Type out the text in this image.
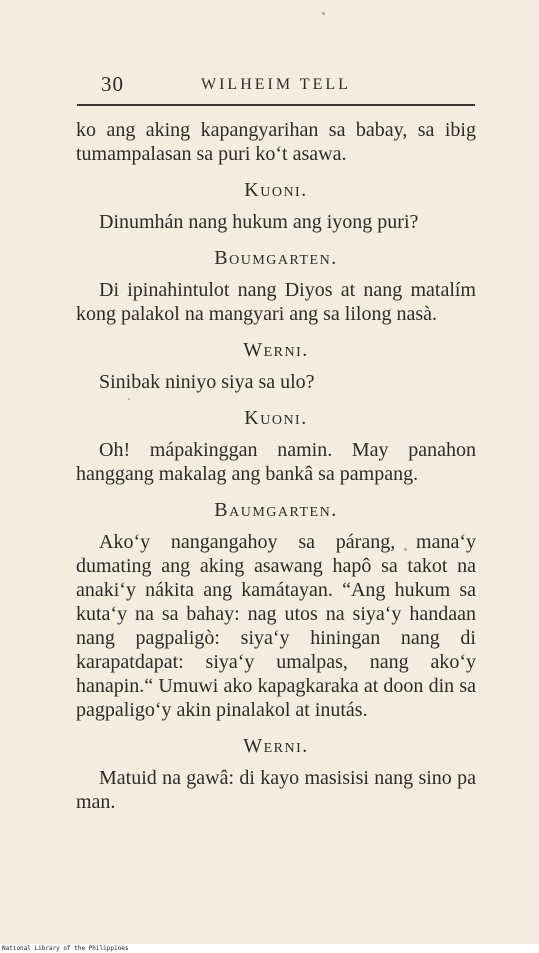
30	WILHEIM TELL

ko ang aking kapangyarihan sa babay, sa ibig tumampalasan sa puri ko‘t asawa.

Kuoni.

Dinumhán nang hukum ang iyong puri?

Boumgarten.

Di ipinahintulot nang Diyos at nang matalím kong palakol na mangyari ang sa lilong nasà.

Werni.

Sinibak niniyo siya sa ulo?

Kuoni.

Oh! mápakinggan namin. May panahon hanggang makalag ang bankâ sa pampang.

Baumgarten.

Ako‘y nangangahoy sa párang, mana‘y dumating ang aking asawang hapô sa takot na anaki‘y nákita ang kamátayan. “Ang hukum sa kuta‘y na sa bahay: nag utos na siya‘y handaan nang pagpaligò: siya‘y hiningan nang di karapatdapat: siya‘y umalpas, nang ako‘y hanapin.“ Umuwi ako kapagkaraka at doon din sa pagpaligo‘y akin pinalakol at inutás.

Werni.

Matuid na gawâ: di kayo masisisi nang sino pa man.

National Library of the Philippines
